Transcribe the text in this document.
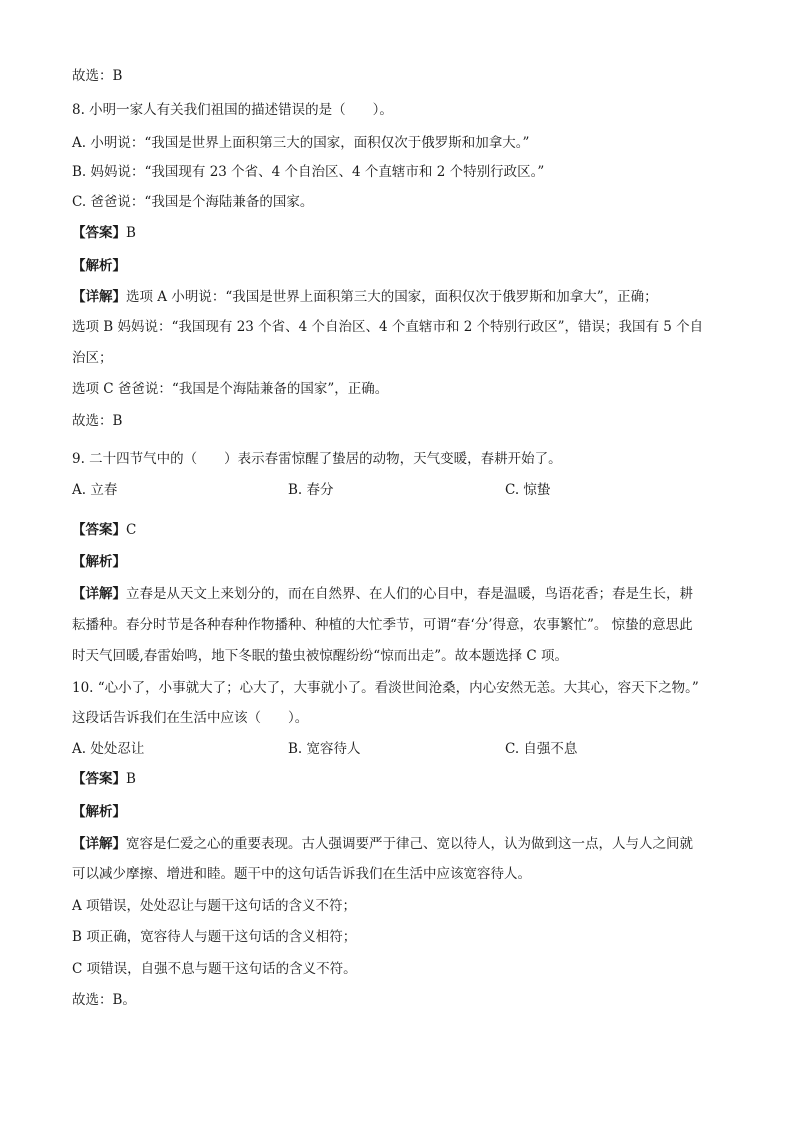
故选：B
8. 小明一家人有关我们祖国的描述错误的是（　　）。
A. 小明说：“我国是世界上面积第三大的国家，面积仅次于俄罗斯和加拿大。”
B. 妈妈说：“我国现有 23 个省、4 个自治区、4 个直辖市和 2 个特别行政区。”
C. 爸爸说：“我国是个海陆兼备的国家。
【答案】B
【解析】
【详解】选项 A 小明说：“我国是世界上面积第三大的国家，面积仅次于俄罗斯和加拿大”，正确；
选项 B 妈妈说：“我国现有 23 个省、4 个自治区、4 个直辖市和 2 个特别行政区”，错误；我国有 5 个自
治区；
选项 C 爸爸说：“我国是个海陆兼备的国家”，正确。
故选：B
9. 二十四节气中的（　　）表示春雷惊醒了蛰居的动物，天气变暖，春耕开始了。
A. 立春	B. 春分	C. 惊蛰
【答案】C
【解析】
【详解】立春是从天文上来划分的，而在自然界、在人们的心目中，春是温暖，鸟语花香；春是生长，耕
耘播种。春分时节是各种春种作物播种、种植的大忙季节，可谓“春‘分’得意，农事繁忙”。 惊蛰的意思此
时天气回暖,春雷始鸣，地下冬眠的蛰虫被惊醒纷纷“惊而出走”。故本题选择 C 项。
10. “心小了，小事就大了；心大了，大事就小了。看淡世间沧桑，内心安然无恙。大其心，容天下之物。”
这段话告诉我们在生活中应该（　　）。
A. 处处忍让	B. 宽容待人	C. 自强不息
【答案】B
【解析】
【详解】宽容是仁爱之心的重要表现。古人强调要严于律己、宽以待人，认为做到这一点，人与人之间就
可以减少摩擦、增进和睦。题干中的这句话告诉我们在生活中应该宽容待人。
A 项错误，处处忍让与题干这句话的含义不符；
B 项正确，宽容待人与题干这句话的含义相符；
C 项错误，自强不息与题干这句话的含义不符。
故选：B。
